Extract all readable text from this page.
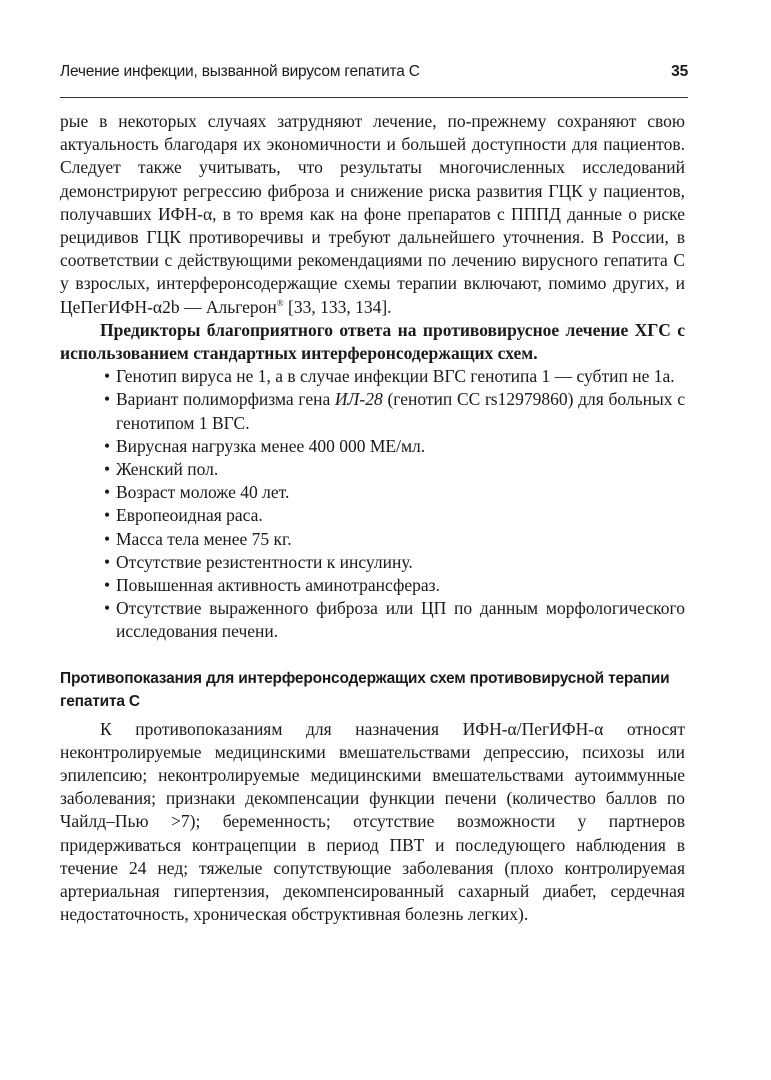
Лечение инфекции, вызванной вирусом гепатита С	35

рые в некоторых случаях затрудняют лечение, по-прежнему сохраняют свою актуальность благодаря их экономичности и большей доступности для пациентов. Следует также учитывать, что результаты многочисленных исследований демонстрируют регрессию фиброза и снижение риска развития ГЦК у пациентов, получавших ИФН-α, в то время как на фоне препаратов с ПППД данные о риске рецидивов ГЦК противоречивы и требуют дальнейшего уточнения. В России, в соответствии с действующими рекомендациями по лечению вирусного гепатита С у взрослых, интерферонсодержащие схемы терапии включают, помимо других, и ЦеПегИФН-α2b — Альгерон® [33, 133, 134].

Предикторы благоприятного ответа на противовирусное лечение ХГС с использованием стандартных интерферонсодержащих схем.

• Генотип вируса не 1, а в случае инфекции ВГС генотипа 1 — субтип не 1a.
• Вариант полиморфизма гена ИЛ-28 (генотип СС rs12979860) для больных с генотипом 1 ВГС.
• Вирусная нагрузка менее 400 000 МЕ/мл.
• Женский пол.
• Возраст моложе 40 лет.
• Европеоидная раса.
• Масса тела менее 75 кг.
• Отсутствие резистентности к инсулину.
• Повышенная активность аминотрансфераз.
• Отсутствие выраженного фиброза или ЦП по данным морфологического исследования печени.
Противопоказания для интерферонсодержащих схем противовирусной терапии гепатита С

К противопоказаниям для назначения ИФН-α/ПегИФН-α относят неконтролируемые медицинскими вмешательствами депрессию, психозы или эпилепсию; неконтролируемые медицинскими вмешательствами аутоиммунные заболевания; признаки декомпенсации функции печени (количество баллов по Чайлд–Пью >7); беременность; отсутствие возможности у партнеров придерживаться контрацепции в период ПВТ и последующего наблюдения в течение 24 нед; тяжелые сопутствующие заболевания (плохо контролируемая артериальная гипертензия, декомпенсированный сахарный диабет, сердечная недостаточность, хроническая обструктивная болезнь легких).
